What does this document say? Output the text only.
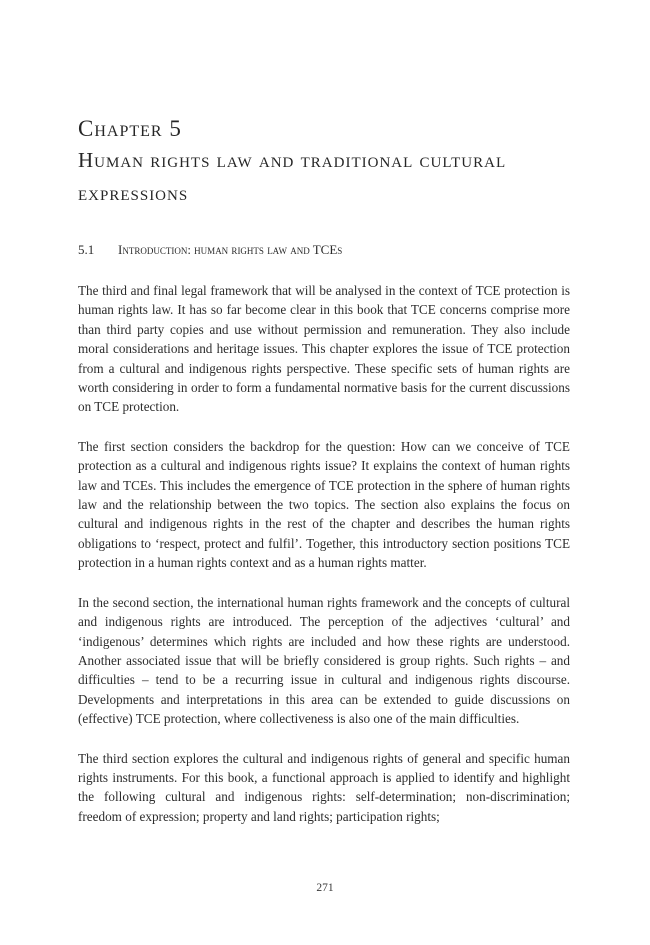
Chapter 5
Human rights law and traditional cultural expressions
5.1 Introduction: human rights law and TCEs

The third and final legal framework that will be analysed in the context of TCE protection is human rights law. It has so far become clear in this book that TCE concerns comprise more than third party copies and use without permission and remuneration. They also include moral considerations and heritage issues. This chapter explores the issue of TCE protection from a cultural and indigenous rights perspective. These specific sets of human rights are worth considering in order to form a fundamental normative basis for the current discussions on TCE protection.

The first section considers the backdrop for the question: How can we conceive of TCE protection as a cultural and indigenous rights issue? It explains the context of human rights law and TCEs. This includes the emergence of TCE protection in the sphere of human rights law and the relationship between the two topics. The section also explains the focus on cultural and indigenous rights in the rest of the chapter and describes the human rights obligations to ‘respect, protect and fulfil’. Together, this introductory section positions TCE protection in a human rights context and as a human rights matter.

In the second section, the international human rights framework and the concepts of cultural and indigenous rights are introduced. The perception of the adjectives ‘cultural’ and ‘indigenous’ determines which rights are included and how these rights are understood. Another associated issue that will be briefly considered is group rights. Such rights – and difficulties – tend to be a recurring issue in cultural and indigenous rights discourse. Developments and interpretations in this area can be extended to guide discussions on (effective) TCE protection, where collectiveness is also one of the main difficulties.

The third section explores the cultural and indigenous rights of general and specific human rights instruments. For this book, a functional approach is applied to identify and highlight the following cultural and indigenous rights: self-determination; non-discrimination; freedom of expression; property and land rights; participation rights;

271
